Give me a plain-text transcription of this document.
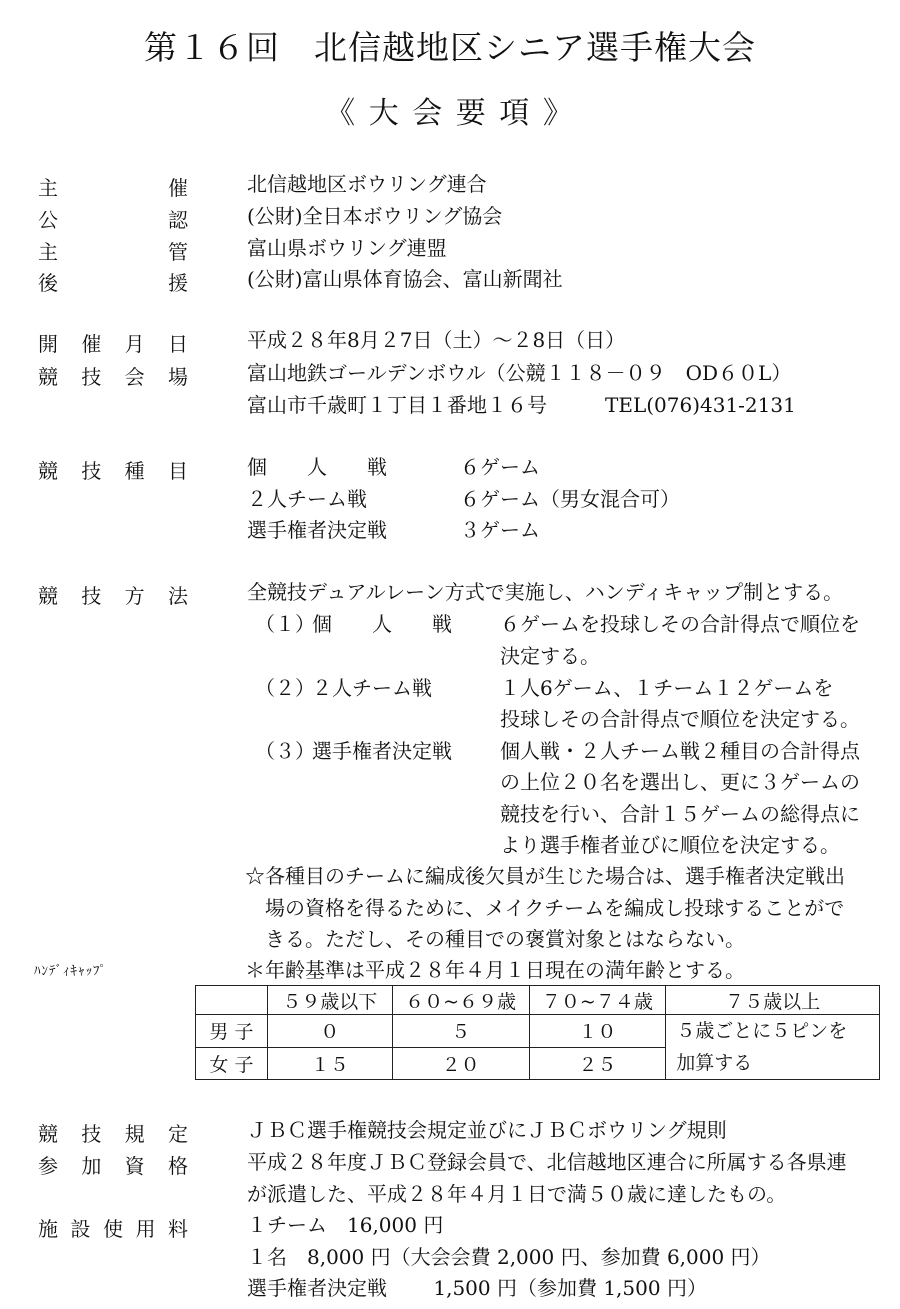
第１６回　北信越地区シニア選手権大会
《 大 会 要 項 》
主	催	北信越地区ボウリング連合
公	認	(公財)全日本ボウリング協会
主	管	富山県ボウリング連盟
後	援	(公財)富山県体育協会、富山新聞社
開 催 月 日	平成２８年8月２7日（土）～２8日（日）
競 技 会 場	富山地鉄ゴールデンボウル（公競１１８－０９　OD６０L）
富山市千歳町１丁目１番地１６号	TEL(076)431-2131
競 技 種 目	個　　人　　戦	６ゲーム
２人チーム戦	６ゲーム（男女混合可）
選手権者決定戦	３ゲーム
競 技 方 法	全競技デュアルレーン方式で実施し、ハンディキャップ制とする。
（１）
個　　人　　戦 ６ゲームを投球しその合計得点で順位を
決定する。
（２）
２人チーム戦	１人6ゲーム、１チーム１２ゲームを
投球しその合計得点で順位を決定する。
（３）
選手権者決定戦 個人戦・２人チーム戦２種目の合計得点
の上位２０名を選出し、更に３ゲームの
競技を行い、合計１５ゲームの総得点に
より選手権者並びに順位を決定する。
☆各種目のチームに編成後欠員が生じた場合は、選手権者決定戦出
場の資格を得るために、メイクチームを編成し投球することがで
きる。ただし、その種目での褒賞対象とはならない。
ﾊﾝﾃﾞｨｷｬｯﾌﾟ	＊年齢基準は平成２８年４月１日現在の満年齢とする。
	５９歳以下	６０~６９歳	７０~７４歳	７５歳以上
男 子	０	５	１０	５歳ごとに５ピンを
加算する

女 子	１５	２０	２５	
競 技 規 定	ＪＢＣ選手権競技会規定並びにＪＢＣボウリング規則
参 加 資 格	平成２８年度ＪＢＣ登録会員で、北信越地区連合に所属する各県連
が派遣した、平成２８年４月１日で満５０歳に達したもの。
施 設 使 用 料	１チーム　16,000 円
１名　8,000 円（大会会費 2,000 円、参加費 6,000 円）
選手権者決定戦　　 1,500 円（参加費 1,500 円）
